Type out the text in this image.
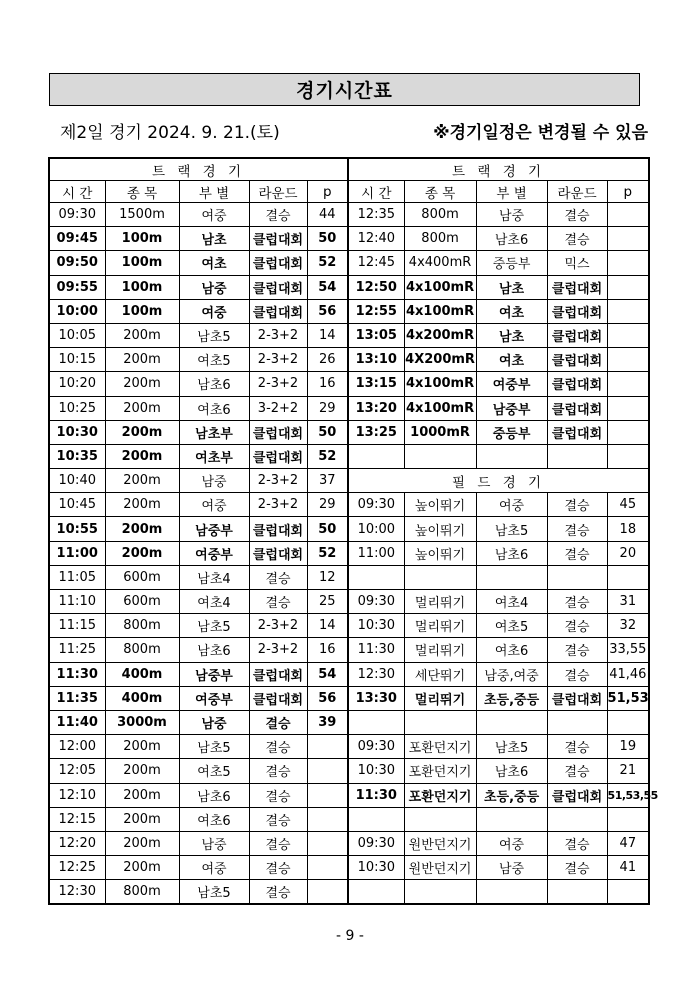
경기시간표
제2일 경기 2024. 9. 21.(토)	※경기일정은 변경될 수 있음
트 랙 경 기					트 랙 경 기				
시 간	종 목	부 별	라운드	p	시 간	종 목	부 별	라운드	p
09:30	1500m	여중	결승	44	12:35	800m	남중	결승	
09:45	100m	남초	클럽대회	50	12:40	800m	남초6	결승	
09:50	100m	여초	클럽대회	52	12:45	4x400mR	중등부	믹스	
09:55	100m	남중	클럽대회	54	12:50	4x100mR	남초	클럽대회	
10:00	100m	여중	클럽대회	56	12:55	4x100mR	여초	클럽대회	
10:05	200m	남초5	2-3+2	14	13:05	4x200mR	남초	클럽대회	
10:15	200m	여초5	2-3+2	26	13:10	4X200mR	여초	클럽대회	
10:20	200m	남초6	2-3+2	16	13:15	4x100mR	여중부	클럽대회	
10:25	200m	여초6	3-2+2	29	13:20	4x100mR	남중부	클럽대회	
10:30	200m	남초부	클럽대회	50	13:25	1000mR	중등부	클럽대회	
10:35	200m	여초부	클럽대회	52					
10:40	200m	남중	2-3+2	37	필 드 경 기				
10:45	200m	여중	2-3+2	29	09:30	높이뛰기	여중	결승	45
10:55	200m	남중부	클럽대회	50	10:00	높이뛰기	남초5	결승	18
11:00	200m	여중부	클럽대회	52	11:00	높이뛰기	남초6	결승	20
11:05	600m	남초4	결승	12					
11:10	600m	여초4	결승	25	09:30	멀리뛰기	여초4	결승	31
11:15	800m	남초5	2-3+2	14	10:30	멀리뛰기	여초5	결승	32
11:25	800m	남초6	2-3+2	16	11:30	멀리뛰기	여초6	결승	33,55
11:30	400m	남중부	클럽대회	54	12:30	세단뛰기	남중,여중	결승	41,46
11:35	400m	여중부	클럽대회	56	13:30	멀리뛰기	초등,중등	클럽대회	51,53
11:40	3000m	남중	결승	39					
12:00	200m	남초5	결승		09:30	포환던지기	남초5	결승	19
12:05	200m	여초5	결승		10:30	포환던지기	남초6	결승	21
12:10	200m	남초6	결승		11:30	포환던지기	초등,중등	클럽대회	51,53,55
12:15	200m	여초6	결승						
12:20	200m	남중	결승		09:30	원반던지기	여중	결승	47
12:25	200m	여중	결승		10:30	원반던지기	남중	결승	41
12:30	800m	남초5	결승						
- 9 -
